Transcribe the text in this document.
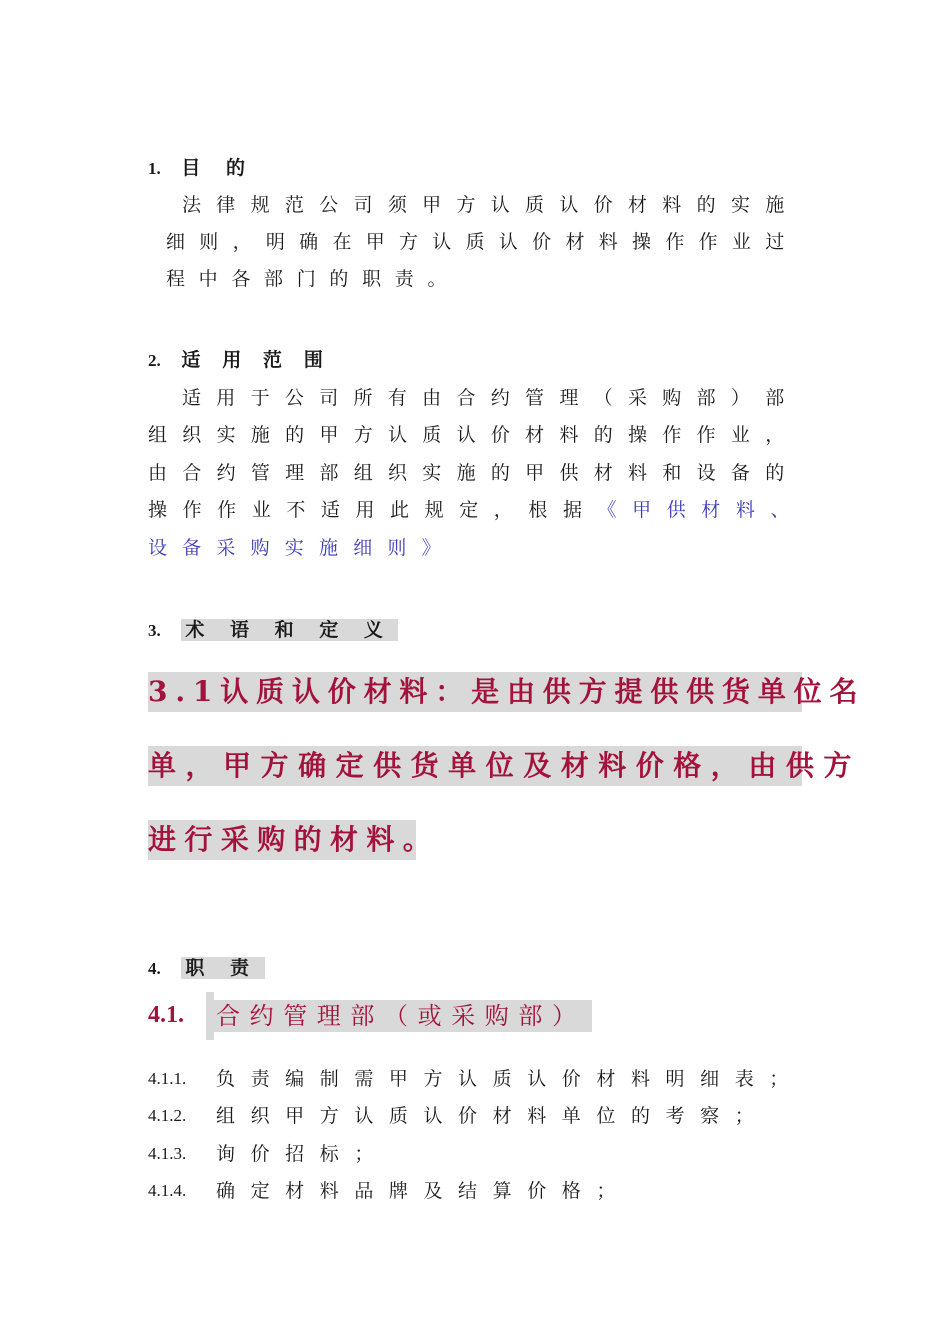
1. 目 的
法律规范公司须甲方认质认价材料的实施
细则，明确在甲方认质认价材料操作作业过
程中各部门的职责。
2. 适 用 范 围
适用于公司所有由合约管理（采购部）部
组织实施的甲方认质认价材料的操作作业，
由合约管理部组织实施的甲供材料和设备的
操作作业不适用此规定，根据《甲供材料、
设备采购实施细则》
3. 术 语 和 定 义
3.1认质认价材料：是由供方提供供货单位名
单，甲方确定供货单位及材料价格，由供方
进行采购的材料。
4. 职 责
4.1. 合约管理部（或采购部）
4.1.1. 负责编制需甲方认质认价材料明细表；
4.1.2. 组织甲方认质认价材料单位的考察；
4.1.3. 询价招标；
4.1.4. 确定材料品牌及结算价格；
